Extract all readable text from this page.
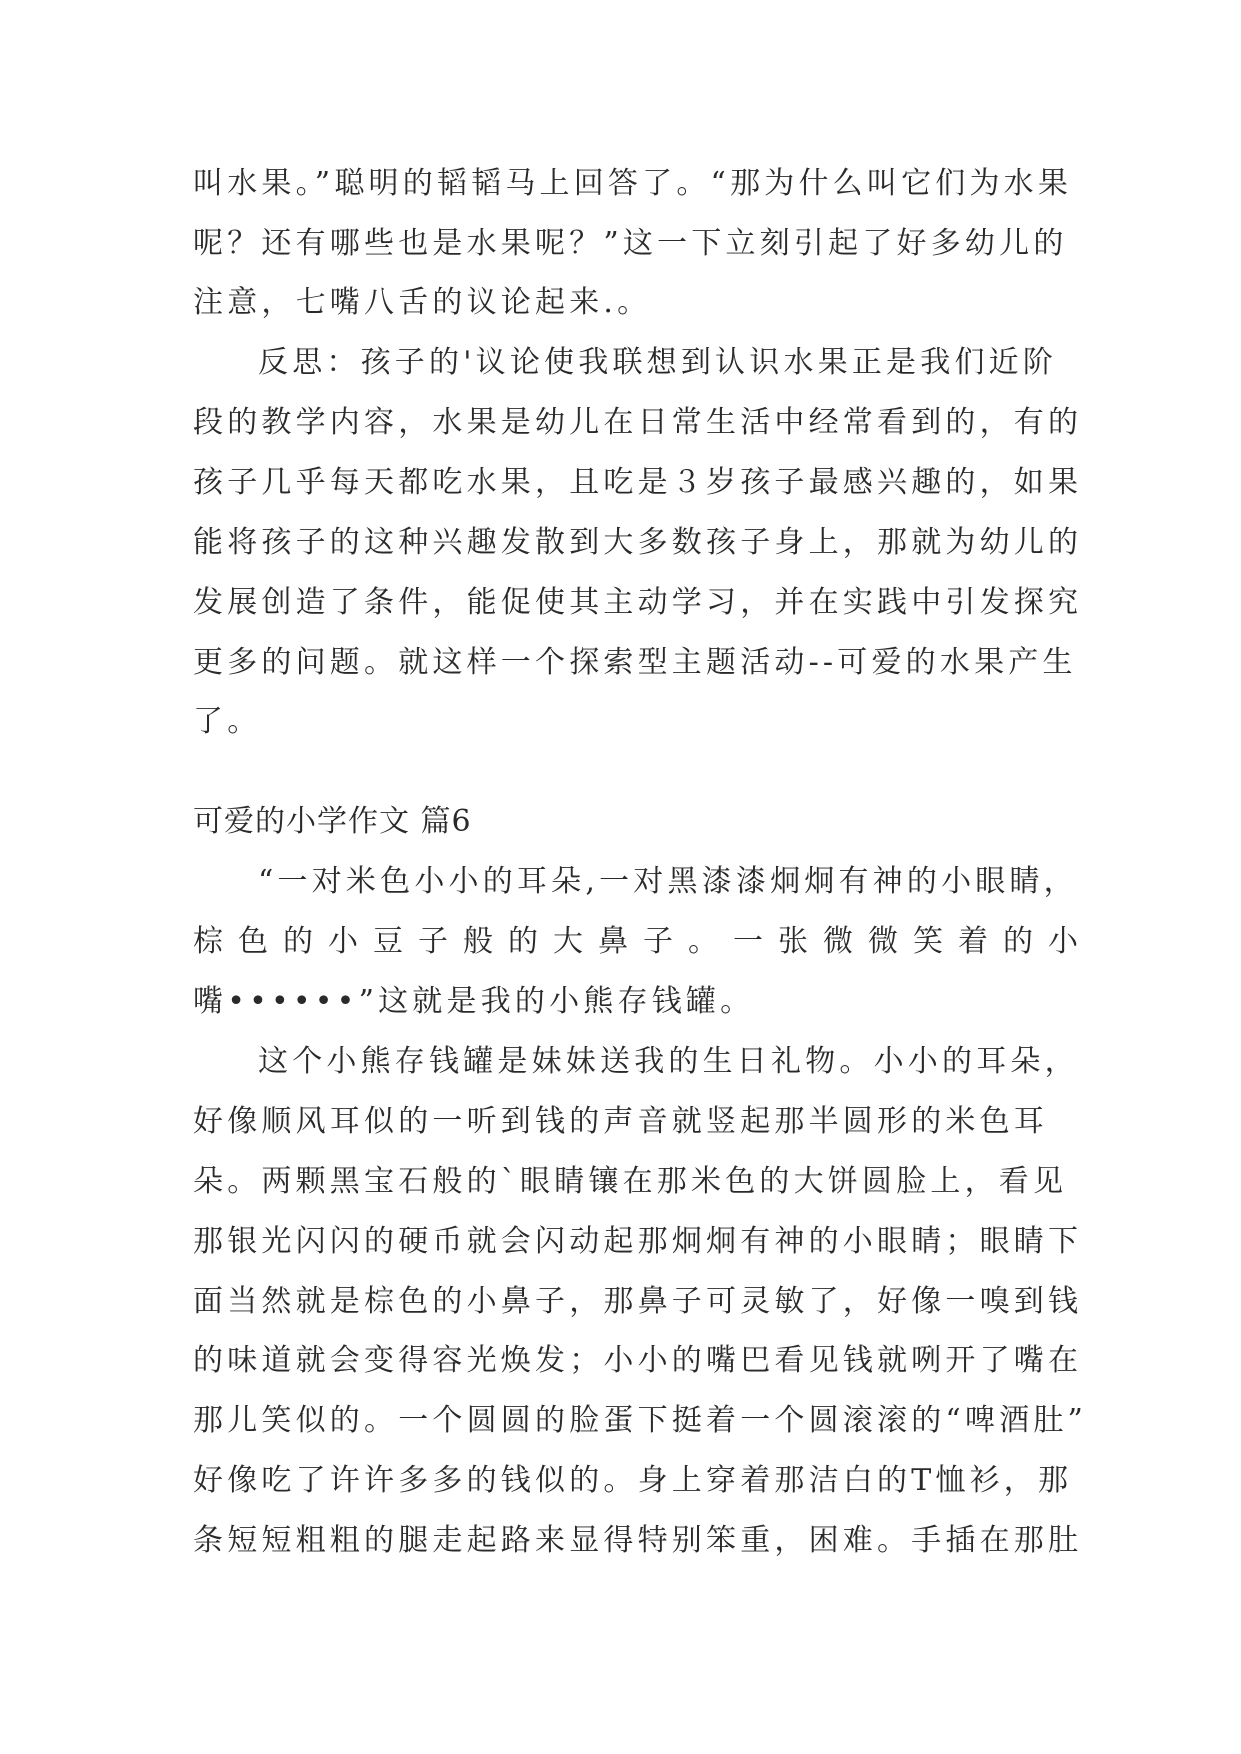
叫水果。”聪明的韬韬马上回答了。“那为什么叫它们为水果
呢？还有哪些也是水果呢？”这一下立刻引起了好多幼儿的
注意，七嘴八舌的议论起来.。
反思：孩子的'议论使我联想到认识水果正是我们近阶
段的教学内容，水果是幼儿在日常生活中经常看到的，有的
孩子几乎每天都吃水果，且吃是３岁孩子最感兴趣的，如果
能将孩子的这种兴趣发散到大多数孩子身上，那就为幼儿的
发展创造了条件，能促使其主动学习，并在实践中引发探究
更多的问题。就这样一个探索型主题活动--可爱的水果产生
了。
可爱的小学作文 篇6
“一对米色小小的耳朵,一对黑漆漆炯炯有神的小眼睛，
棕色的小豆子般的大鼻子。一张微微笑着的小
嘴••••••”这就是我的小熊存钱罐。
这个小熊存钱罐是妹妹送我的生日礼物。小小的耳朵，
好像顺风耳似的一听到钱的声音就竖起那半圆形的米色耳
朵。两颗黑宝石般的`眼睛镶在那米色的大饼圆脸上，看见
那银光闪闪的硬币就会闪动起那炯炯有神的小眼睛；眼睛下
面当然就是棕色的小鼻子，那鼻子可灵敏了，好像一嗅到钱
的味道就会变得容光焕发；小小的嘴巴看见钱就咧开了嘴在
那儿笑似的。一个圆圆的脸蛋下挺着一个圆滚滚的“啤酒肚”
好像吃了许许多多的钱似的。身上穿着那洁白的T恤衫，那
条短短粗粗的腿走起路来显得特别笨重，困难。手插在那肚
